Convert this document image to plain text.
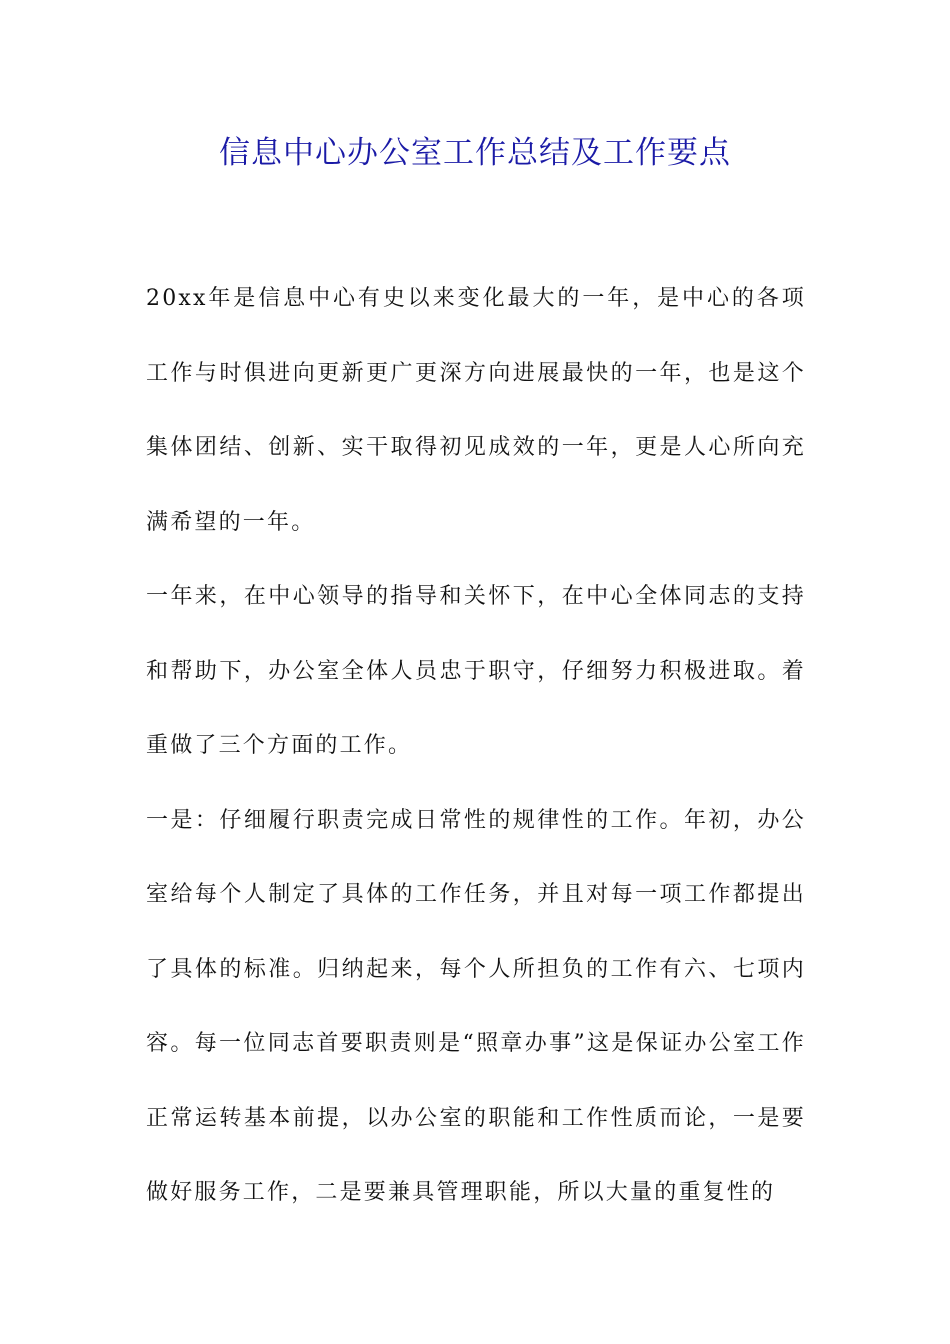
信息中心办公室工作总结及工作要点

20xx年是信息中心有史以来变化最大的一年，是中心的各项工作与时俱进向更新更广更深方向进展最快的一年，也是这个集体团结、创新、实干取得初见成效的一年，更是人心所向充满希望的一年。

一年来，在中心领导的指导和关怀下，在中心全体同志的支持和帮助下，办公室全体人员忠于职守，仔细努力积极进取。着重做了三个方面的工作。

一是：仔细履行职责完成日常性的规律性的工作。年初，办公室给每个人制定了具体的工作任务，并且对每一项工作都提出了具体的标准。归纳起来，每个人所担负的工作有六、七项内容。每一位同志首要职责则是“照章办事”这是保证办公室工作正常运转基本前提，以办公室的职能和工作性质而论，一是要做好服务工作，二是要兼具管理职能，所以大量的重复性的
